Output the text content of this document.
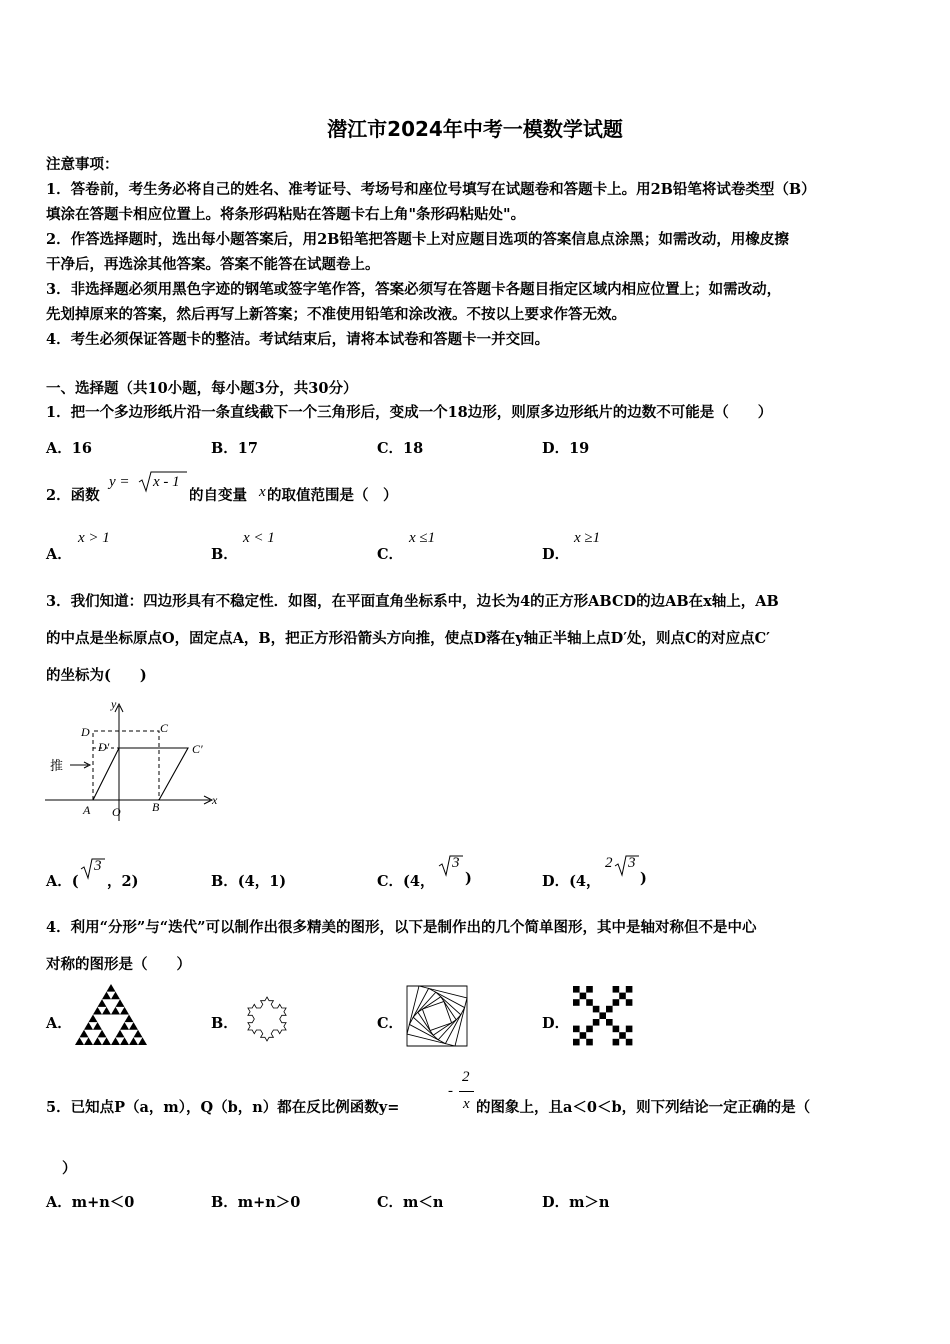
潜江市2024年中考一模数学试题
注意事项：
1．答卷前，考生务必将自己的姓名、准考证号、考场号和座位号填写在试题卷和答题卡上。用2B铅笔将试卷类型（B）
填涂在答题卡相应位置上。将条形码粘贴在答题卡右上角"条形码粘贴处"。
2．作答选择题时，选出每小题答案后，用2B铅笔把答题卡上对应题目选项的答案信息点涂黑；如需改动，用橡皮擦
干净后，再选涂其他答案。答案不能答在试题卷上。
3．非选择题必须用黑色字迹的钢笔或签字笔作答，答案必须写在答题卡各题目指定区域内相应位置上；如需改动，
先划掉原来的答案，然后再写上新答案；不准使用铅笔和涂改液。不按以上要求作答无效。
4．考生必须保证答题卡的整洁。考试结束后，请将本试卷和答题卡一并交回。
一、选择题（共10小题，每小题3分，共30分）
1．把一个多边形纸片沿一条直线截下一个三角形后，变成一个18边形，则原多边形纸片的边数不可能是（　　）
A．16	B．17	C．18	D．19
2．函数
y = x - 1
的自变量 x 的取值范围是（　）
A．
x > 1
B．
x < 1
C．
x ≤1
D．
x ≥1
3．我们知道：四边形具有不稳定性．如图，在平面直角坐标系中，边长为4的正方形ABCD的边AB在x轴上，AB
的中点是坐标原点O，固定点A，B，把正方形沿箭头方向推，使点D落在y轴正半轴上点D′处，则点C的对应点C′
的坐标为(　　)
y
x
D	C
D′	C′
推
A O	B
A．(
3
，2)	B．(4，1)	C．(4，
3
)	D．(4，
2 3
)
4．利用“分形”与“迭代”可以制作出很多精美的图形，以下是制作出的几个简单图形，其中是轴对称但不是中心
对称的图形是（　　）
A．	B．	C．	D．
5．已知点P（a，m），Q（b，n）都在反比例函数y=
-
2
x 的图象上，且a＜0＜b，则下列结论一定正确的是（
）
A．m+n＜0	B．m+n＞0	C．m＜n	D．m＞n
